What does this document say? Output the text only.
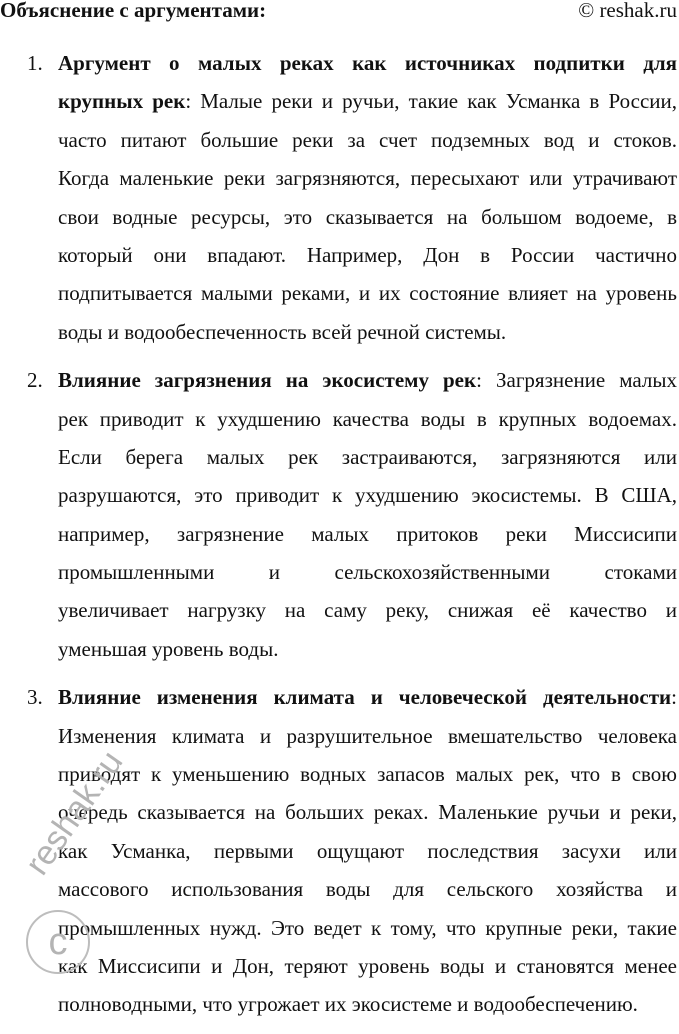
Объяснение с аргументами:	© reshak.ru
1. Аргумент о малых реках как источниках подпитки для
крупных рек: Малые реки и ручьи, такие как Усманка в России,
часто питают большие реки за счет подземных вод и стоков.
Когда маленькие реки загрязняются, пересыхают или утрачивают
свои водные ресурсы, это сказывается на большом водоеме, в
который они впадают. Например, Дон в России частично
подпитывается малыми реками, и их состояние влияет на уровень
воды и водообеспеченность всей речной системы.
2. Влияние загрязнения на экосистему рек: Загрязнение малых
рек приводит к ухудшению качества воды в крупных водоемах.
Если берега малых рек застраиваются, загрязняются или
разрушаются, это приводит к ухудшению экосистемы. В США,
например, загрязнение малых притоков реки Миссисипи
промышленными и сельскохозяйственными стоками
увеличивает нагрузку на саму реку, снижая её качество и
уменьшая уровень воды.
3. Влияние изменения климата и человеческой деятельности:
Изменения климата и разрушительное вмешательство человека
приводят к уменьшению водных запасов малых рек, что в свою
очередь сказывается на больших реках. Маленькие ручьи и реки,
как Усманка, первыми ощущают последствия засухи или
массового использования воды для сельского хозяйства и
промышленных нужд. Это ведет к тому, что крупные реки, такие
как Миссисипи и Дон, теряют уровень воды и становятся менее
полноводными, что угрожает их экосистеме и водообеспечению.
reshak.ru
c
